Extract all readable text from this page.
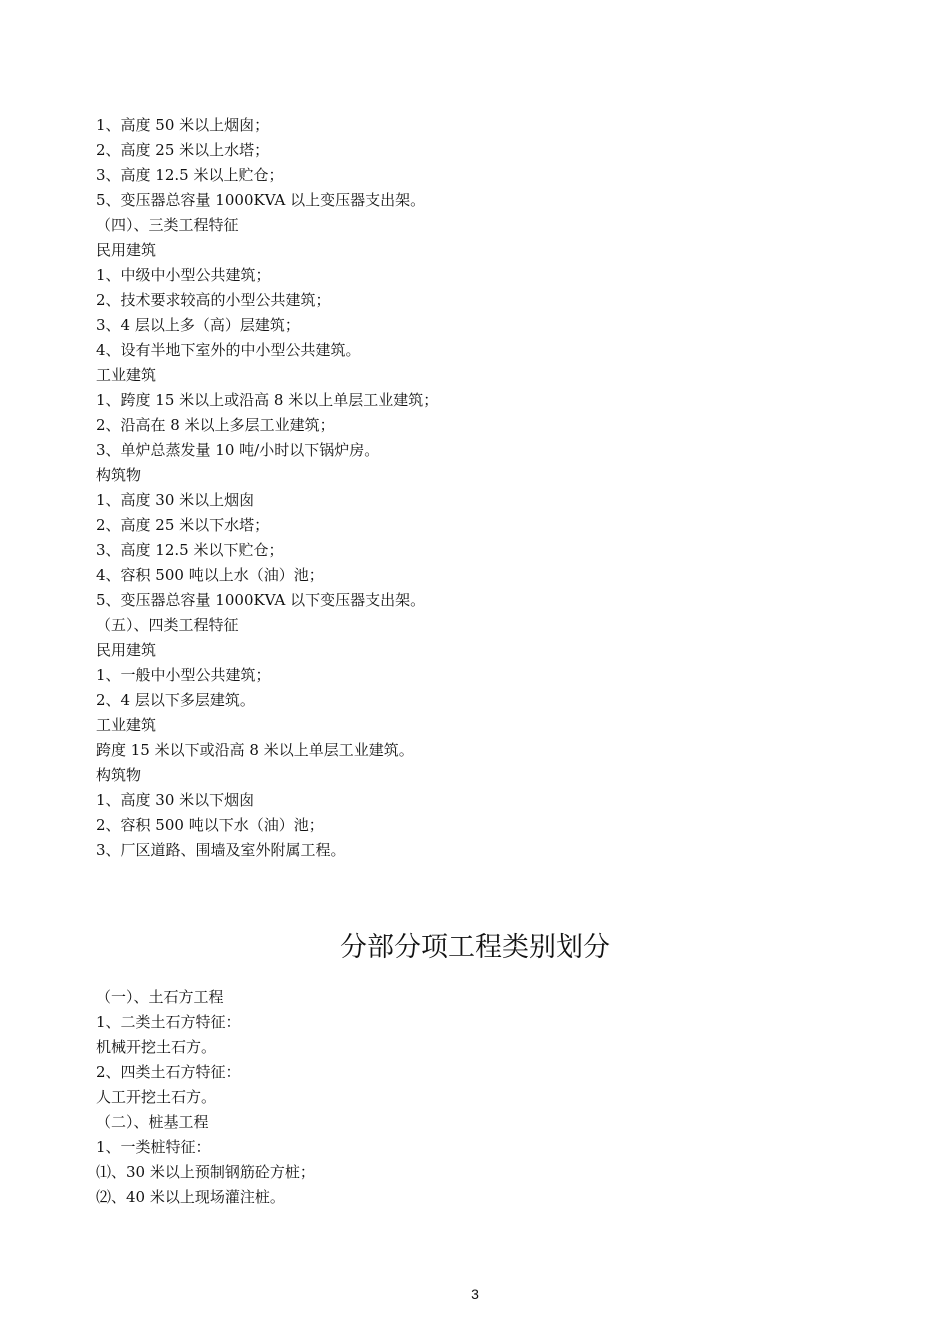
1、高度 50 米以上烟囱；
2、高度 25 米以上水塔；
3、高度 12.5 米以上贮仓；
5、变压器总容量 1000KVA 以上变压器支出架。
（四）、三类工程特征
民用建筑
1、中级中小型公共建筑；
2、技术要求较高的小型公共建筑；
3、4 层以上多（高）层建筑；
4、设有半地下室外的中小型公共建筑。
工业建筑
1、跨度 15 米以上或沿高 8 米以上单层工业建筑；
2、沿高在 8 米以上多层工业建筑；
3、单炉总蒸发量 10 吨/小时以下锅炉房。
构筑物
1、高度 30 米以上烟囱
2、高度 25 米以下水塔；
3、高度 12.5 米以下贮仓；
4、容积 500 吨以上水（油）池；
5、变压器总容量 1000KVA 以下变压器支出架。
（五）、四类工程特征
民用建筑
1、一般中小型公共建筑；
2、4 层以下多层建筑。
工业建筑
跨度 15 米以下或沿高 8 米以上单层工业建筑。
构筑物
1、高度 30 米以下烟囱
2、容积 500 吨以下水（油）池；
3、厂区道路、围墙及室外附属工程。
分部分项工程类别划分
（一）、土石方工程
1、二类土石方特征：
机械开挖土石方。
2、四类土石方特征：
人工开挖土石方。
（二）、桩基工程
1、一类桩特征：
⑴、30 米以上预制钢筋砼方桩；
⑵、40 米以上现场灌注桩。
3
